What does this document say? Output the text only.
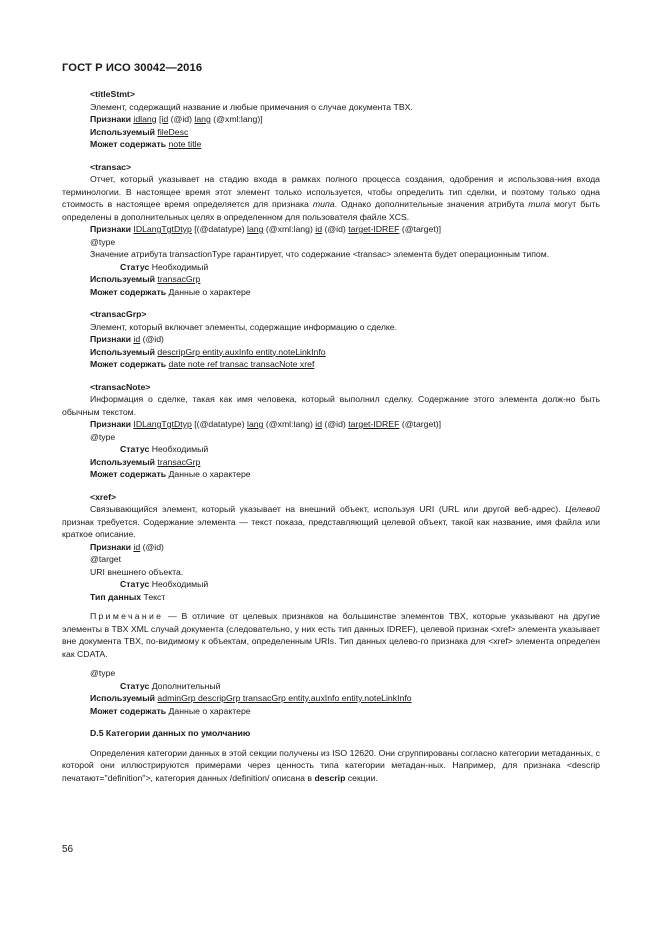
ГОСТ Р ИСО 30042—2016
<titleStmt>
Элемент, содержащий название и любые примечания о случае документа TBX.
Признаки idlang [id (@id) lang (@xml:lang)]
Используемый fileDesc
Может содержать note title
<transac>
Отчет, который указывает на стадию входа в рамках полного процесса создания, одобрения и использова-ния входа терминологии. В настоящее время этот элемент только используется, чтобы определить тип сделки, и поэтому только одна стоимость в настоящее время определяется для признака типа. Однако дополнительные значения атрибута типа могут быть определены в дополнительных целях в определенном для пользователя файле XCS.
Признаки IDLangTgtDtyp [(@datatype) lang (@xml:lang) id (@id) target-IDREF (@target)]
@type
Значение атрибута transactionType гарантирует, что содержание <transac> элемента будет операционным типом.
Статус Необходимый
Используемый transacGrp
Может содержать Данные о характере
<transacGrp>
Элемент, который включает элементы, содержащие информацию о сделке.
Признаки id (@id)
Используемый descripGrp entity.auxInfo entity.noteLinkInfo
Может содержать date note ref transac transacNote xref
<transacNote>
Информация о сделке, такая как имя человека, который выполнил сделку. Содержание этого элемента долж-но быть обычным текстом.
Признаки IDLangTgtDtyp [(@datatype) lang (@xml:lang) id (@id) target-IDREF (@target)]
@type
Статус Необходимый
Используемый transacGrp
Может содержать Данные о характере
<xref>
Связывающийся элемент, который указывает на внешний объект, используя URI (URL или другой веб-адрес). Целевой признак требуется. Содержание элемента — текст показа, представляющий целевой объект, такой как название, имя файла или краткое описание.
Признаки id (@id)
@target
URI внешнего объекта.
Статус Необходимый
Тип данных Текст
Примечание — В отличие от целевых признаков на большинстве элементов TBX, которые указывают на другие элементы в TBX XML случай документа (следовательно, у них есть тип данных IDREF), целевой признак <xref> элемента указывает вне документа TBX, по-видимому к объектам, определенным URIs. Тип данных целево-го признака для <xref> элемента определен как CDATA.
@type
Статус Дополнительный
Используемый adminGrp descripGrp transacGrp entity.auxInfo entity.noteLinkInfo
Может содержать Данные о характере
D.5 Категории данных по умолчанию
Определения категории данных в этой секции получены из ISO 12620. Они сгруппированы согласно категории метаданных, с которой они иллюстрируются примерами через ценность типа категории метадан-ных. Например, для признака <descrip печатают="definition">, категория данных /definition/ описана в descrip секции.
56
